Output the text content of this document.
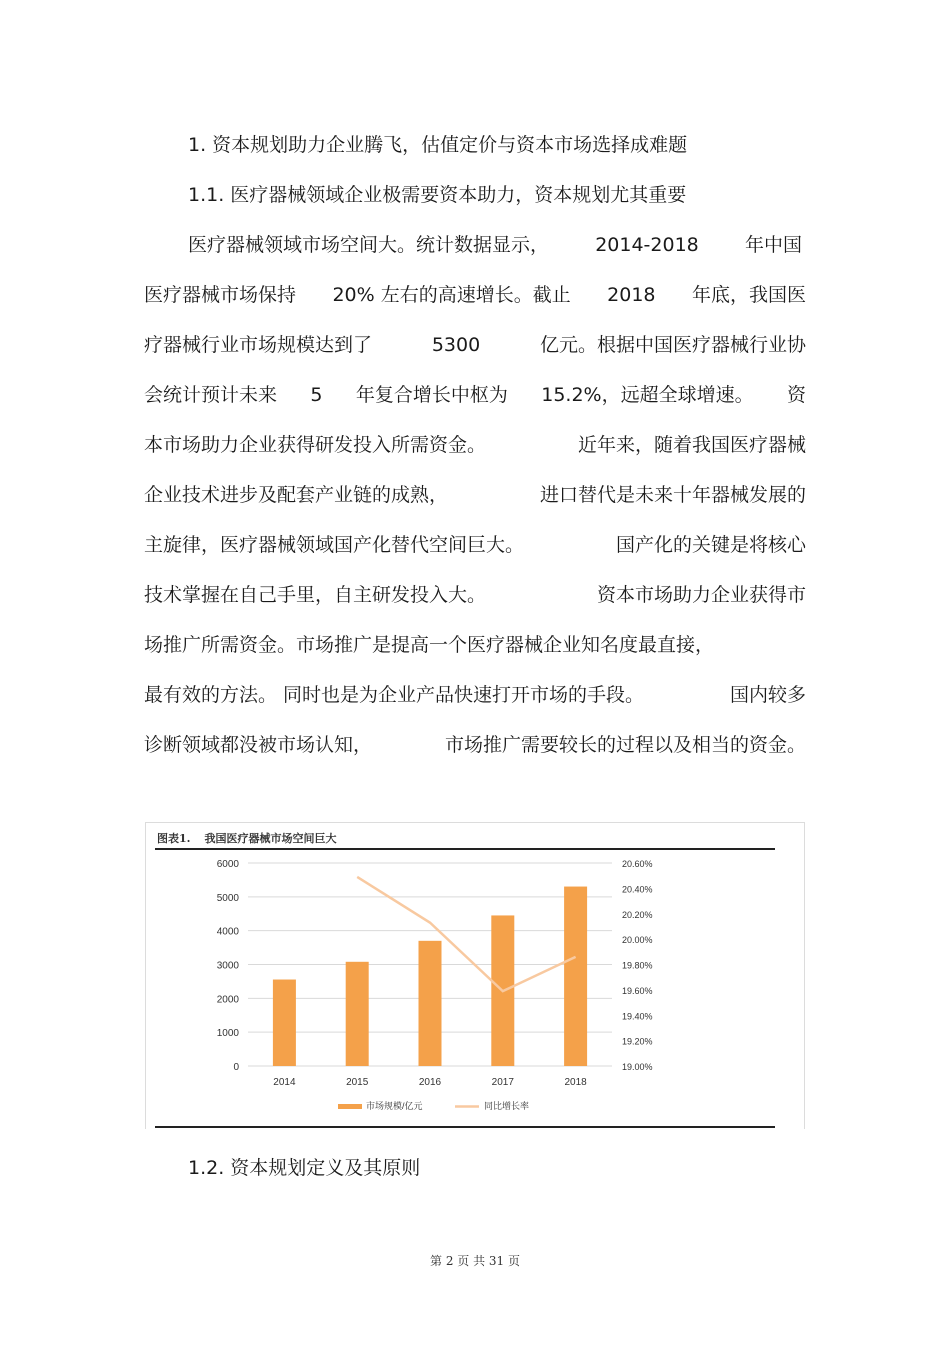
1. 资本规划助力企业腾飞，估值定价与资本市场选择成难题
1.1. 医疗器械领域企业极需要资本助力，资本规划尤其重要
医疗器械领域市场空间大。统计数据显示， 2014-2018 年中国
医疗器械市场保持 20% 左右的高速增长。截止 2018 年底，我国医
疗器械行业市场规模达到了	5300	亿元。根据中国医疗器械行业协
会统计预计未来 5 年复合增长中枢为 15.2%，远超全球增速。 资
本市场助力企业获得研发投入所需资金。	近年来，随着我国医疗器械
企业技术进步及配套产业链的成熟，	进口替代是未来十年器械发展的
主旋律，医疗器械领域国产化替代空间巨大。	国产化的关键是将核心
技术掌握在自己手里，自主研发投入大。	资本市场助力企业获得市
场推广所需资金。市场推广是提高一个医疗器械企业知名度最直接，
最有效的方法。 同时也是为企业产品快速打开市场的手段。	国内较多
诊断领域都没被市场认知，	市场推广需要较长的过程以及相当的资金。
图表1. 我国医疗器械市场空间巨大
0
1000
2000
3000
4000
5000
6000
19.00%
19.20%
19.40%
19.60%
19.80%
20.00%
20.20%
20.40%
20.60%
2014	2015	2016	2017	2018
市场规模/亿元	同比增长率
1.2. 资本规划定义及其原则
第 2 页 共 31 页
